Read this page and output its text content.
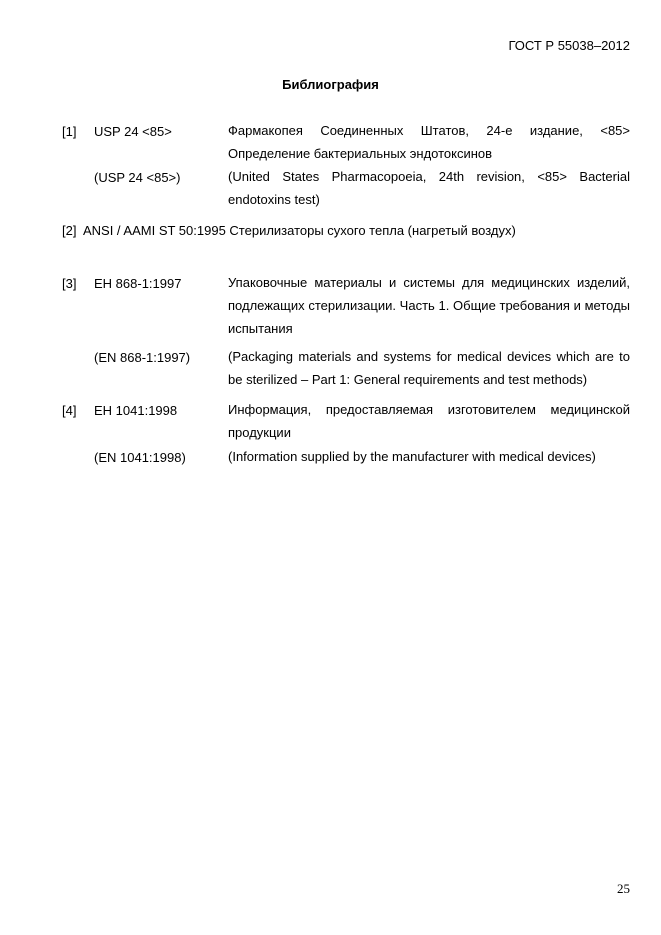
ГОСТ Р 55038–2012
Библиография
[1] USP 24 <85>	Фармакопея Соединенных Штатов, 24-е издание, <85> Определение бактериальных эндотоксинов
(USP 24 <85>)	(United States Pharmacopoeia, 24th revision, <85> Bacterial endotoxins test)
[2]  ANSI / AAMI ST 50:1995 Стерилизаторы сухого тепла (нагретый воздух)
[3] ЕН 868-1:1997	Упаковочные материалы и системы для медицинских изделий, подлежащих стерилизации. Часть 1. Общие требования и методы испытания
(EN 868-1:1997)	(Packaging materials and systems for medical devices which are to be sterilized – Part 1: General requirements and test methods)
[4] ЕН 1041:1998	Информация, предоставляемая изготовителем медицинской продукции
(EN 1041:1998)	(Information supplied by the manufacturer with medical devices)
25
